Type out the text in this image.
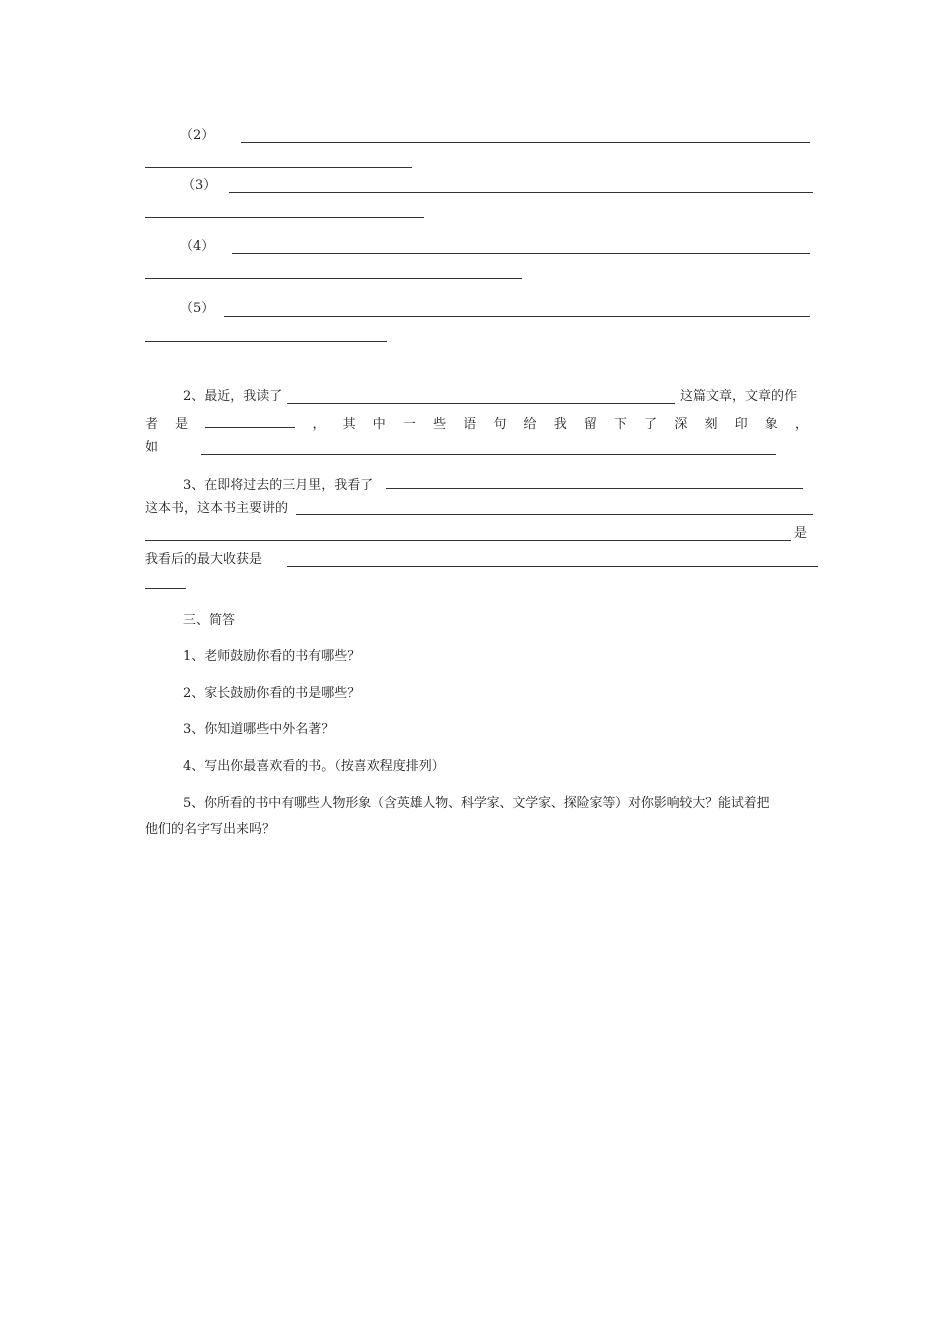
（2）
（3）
（4）
（5）
2、最近，我读了	这篇文章，文章的作
者 是	， 其 中 一 些 语 句 给 我 留 下 了 深 刻 印 象 ，
如
3、在即将过去的三月里，我看了
这本书，这本书主要讲的
是
我看后的最大收获是
三、简答
1、老师鼓励你看的书有哪些？
2、家长鼓励你看的书是哪些？
3、你知道哪些中外名著？
4、写出你最喜欢看的书。（按喜欢程度排列）
5、你所看的书中有哪些人物形象（含英雄人物、科学家、文学家、探险家等）对你影响较大？能试着把
他们的名字写出来吗？
